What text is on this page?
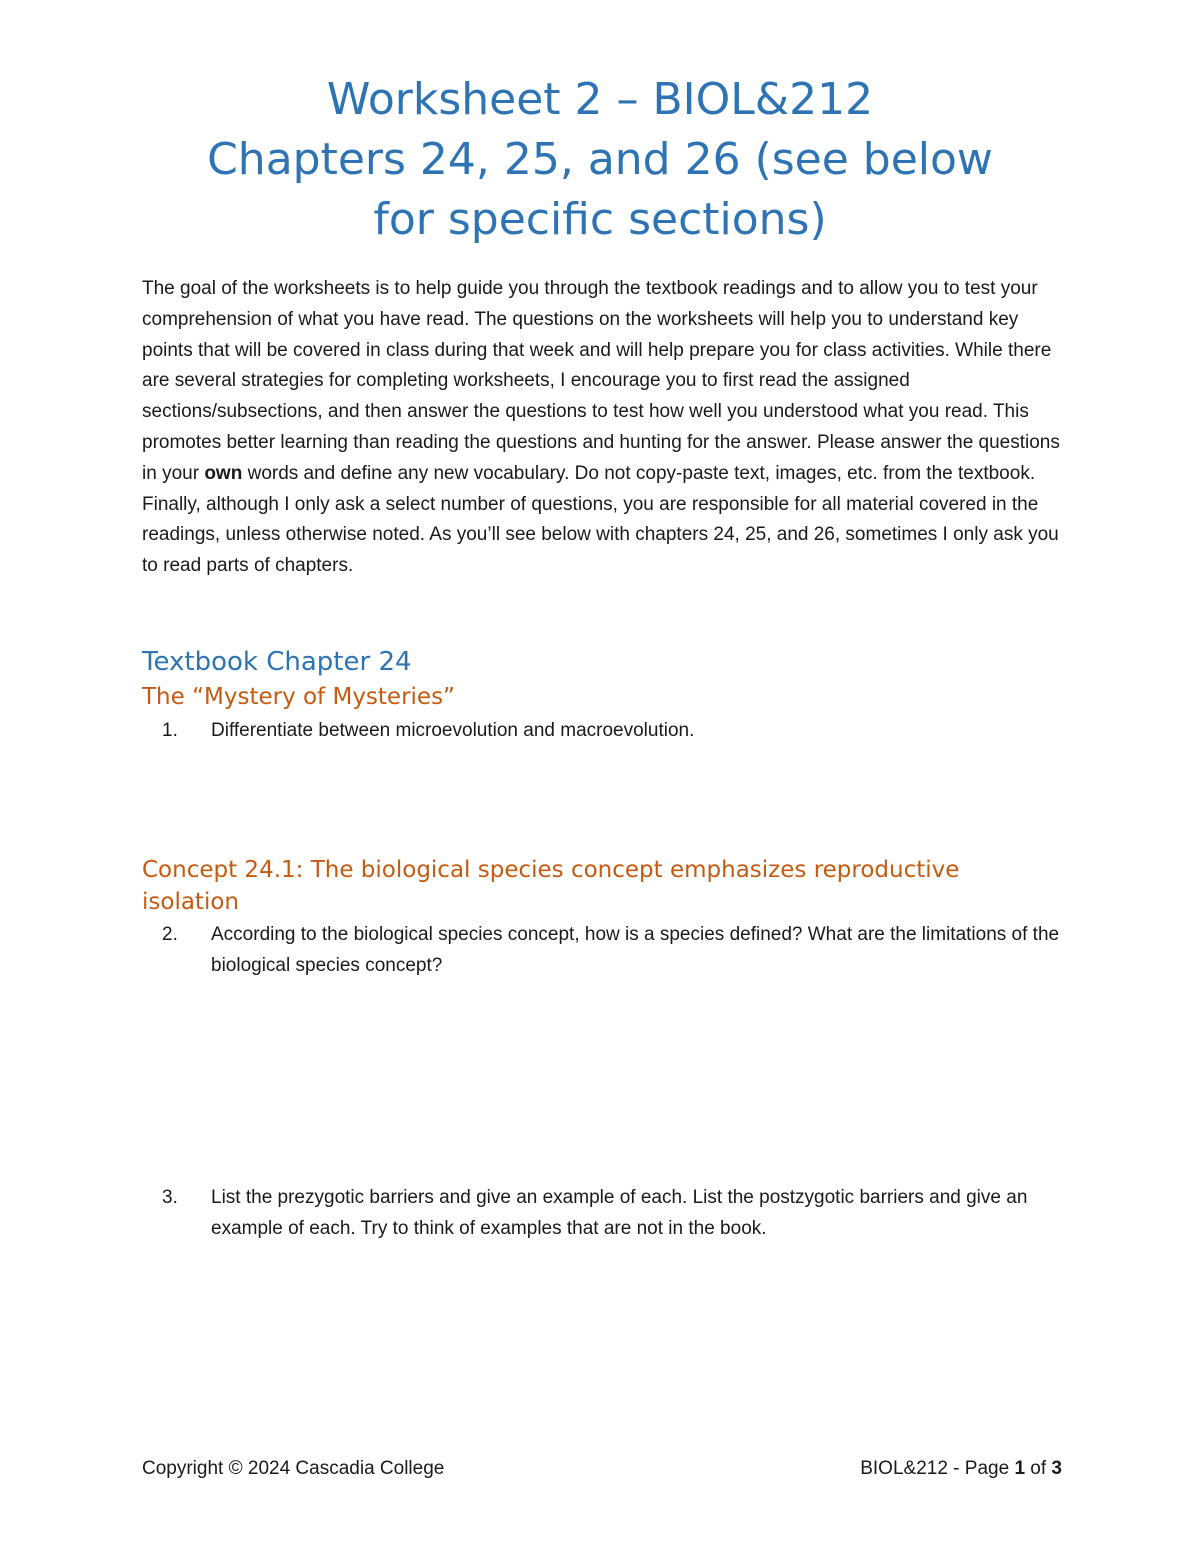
Worksheet 2 – BIOL&212
Chapters 24, 25, and 26 (see below
for specific sections)

The goal of the worksheets is to help guide you through the textbook readings and to allow you to test your comprehension of what you have read. The questions on the worksheets will help you to understand key points that will be covered in class during that week and will help prepare you for class activities. While there are several strategies for completing worksheets, I encourage you to first read the assigned sections/subsections, and then answer the questions to test how well you understood what you read. This promotes better learning than reading the questions and hunting for the answer. Please answer the questions in your own words and define any new vocabulary. Do not copy-paste text, images, etc. from the textbook. Finally, although I only ask a select number of questions, you are responsible for all material covered in the readings, unless otherwise noted. As you’ll see below with chapters 24, 25, and 26, sometimes I only ask you to read parts of chapters.

Textbook Chapter 24
The “Mystery of Mysteries”
1.	Differentiate between microevolution and macroevolution.
Concept 24.1: The biological species concept emphasizes reproductive isolation
2.	According to the biological species concept, how is a species defined? What are the limitations of the biological species concept?
3.	List the prezygotic barriers and give an example of each. List the postzygotic barriers and give an example of each. Try to think of examples that are not in the book.
Copyright © 2024 Cascadia College	BIOL&212 - Page 1 of 3
